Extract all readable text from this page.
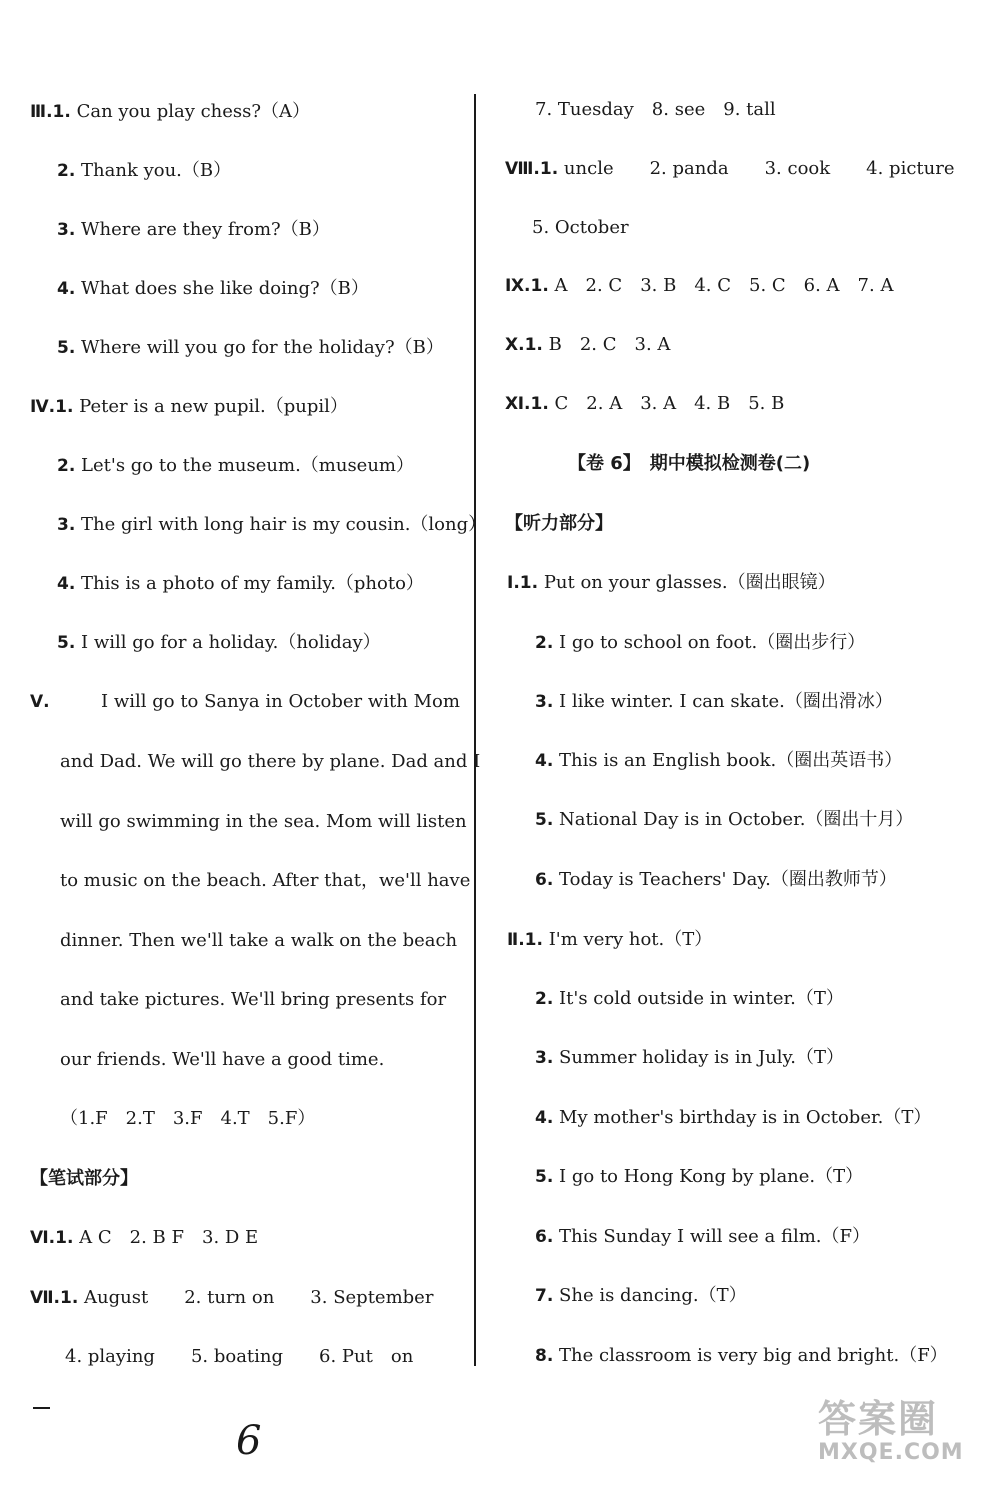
Ⅲ.1. Can you play chess?（A）
2. Thank you.（B）
3. Where are they from?（B）
4. What does she like doing?（B）
5. Where will you go for the holiday?（B）
Ⅳ.1. Peter is a new pupil.（pupil）
2. Let's go to the museum.（museum）
3. The girl with long hair is my cousin.（long）
4. This is a photo of my family.（photo）
5. I will go for a holiday.（holiday）
Ⅴ.	I will go to Sanya in October with Mom
and Dad. We will go there by plane. Dad and I
will go swimming in the sea. Mom will listen
to music on the beach. After that，we'll have
dinner. Then we'll take a walk on the beach
and take pictures. We'll bring presents for
our friends. We'll have a good time.
（1.F　2.T　3.F　4.T　5.F）
【笔试部分】
Ⅵ.1. A C　2. B F　3. D E
Ⅶ.1. August　　2. turn on　　3. September
4. playing　　5. boating　　6. Put　on
7. Tuesday　8. see　9. tall
Ⅷ.1. uncle　　2. panda　　3. cook　　4. picture
5. October
Ⅸ.1. A　2. C　3. B　4. C　5. C　6. A　7. A
Ⅹ.1. B　2. C　3. A
Ⅺ.1. C　2. A　3. A　4. B　5. B
【卷 6】　期中模拟检测卷(二)
【听力部分】
Ⅰ.1. Put on your glasses.（圈出眼镜）
2. I go to school on foot.（圈出步行）
3. I like winter. I can skate.（圈出滑冰）
4. This is an English book.（圈出英语书）
5. National Day is in October.（圈出十月）
6. Today is Teachers' Day.（圈出教师节）
Ⅱ.1. I'm very hot.（T）
2. It's cold outside in winter.（T）
3. Summer holiday is in July.（T）
4. My mother's birthday is in October.（T）
5. I go to Hong Kong by plane.（T）
6. This Sunday I will see a film.（F）
7. She is dancing.（T）
8. The classroom is very big and bright.（F）
6	答案圈
MXQE.COM
